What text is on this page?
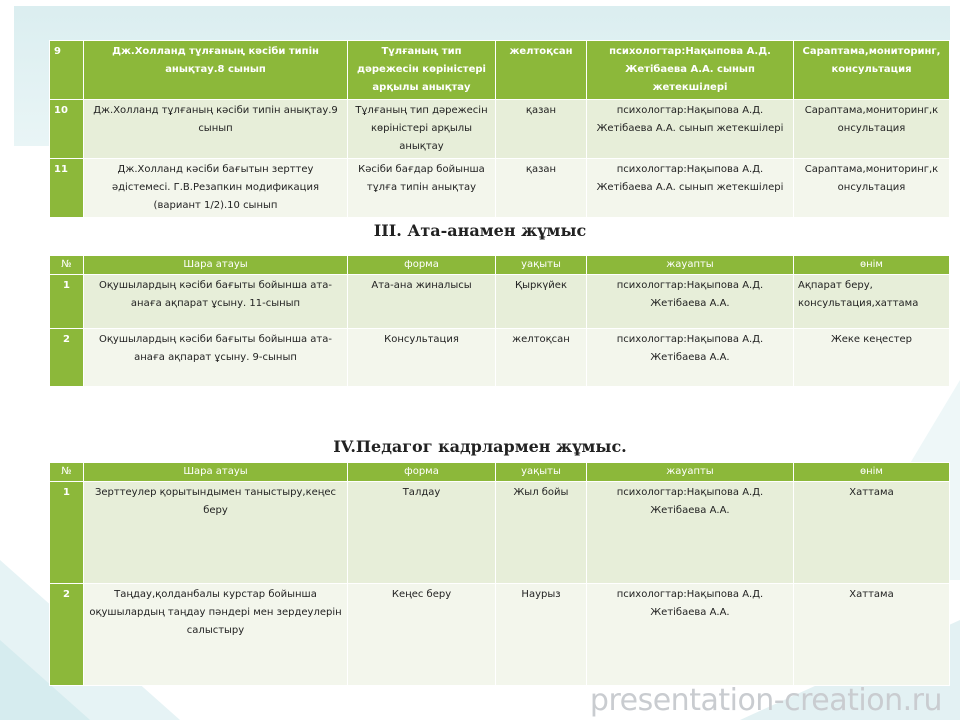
9	Дж.Холланд тұлғаның кәсіби типін анықтау.8 сынып	Тұлғаның тип дәрежесін көріністері арқылы анықтау	желтоқсан	психологтар:Нақыпова А.Д. Жетібаева А.А. сынып жетекшілері	Сараптама,мониторинг, консультация
10	Дж.Холланд тұлғаның кәсіби типін анықтау.9 сынып	Тұлғаның тип дәрежесін көріністері арқылы анықтау	қазан	психологтар:Нақыпова А.Д. Жетібаева А.А. сынып жетекшілері	Сараптама,мониторинг,к онсультация
11	Дж.Холланд кәсіби бағытын зерттеу әдістемесі. Г.В.Резапкин модификация (вариант 1/2).10 сынып	Кәсіби бағдар бойынша тұлға типін анықтау	қазан	психологтар:Нақыпова А.Д. Жетібаева А.А. сынып жетекшілері	Сараптама,мониторинг,к онсультация
III. Ата-анамен жұмыс
№	Шара атауы	форма	уақыты	жауапты	өнім
1	Оқушылардың кәсіби бағыты бойынша ата-анаға ақпарат ұсыну. 11-сынып	Ата-ана жиналысы	Қыркүйек	психологтар:Нақыпова А.Д. Жетібаева А.А.	Ақпарат беру, консультация,хаттама
2	Оқушылардың кәсіби бағыты бойынша ата-анаға ақпарат ұсыну. 9-сынып	Консультация	желтоқсан	психологтар:Нақыпова А.Д. Жетібаева А.А.	Жеке кеңестер
IV.Педагог кадрлармен жұмыс.
№	Шара атауы	форма	уақыты	жауапты	өнім
1	Зерттеулер қорытындымен таныстыру,кеңес беру	Талдау	Жыл бойы	психологтар:Нақыпова А.Д. Жетібаева А.А.	Хаттама
2	Таңдау,қолданбалы курстар бойынша оқушылардың таңдау пәндері мен зердеулерін салыстыру	Кеңес беру	Наурыз	психологтар:Нақыпова А.Д. Жетібаева А.А.	Хаттама
presentation-creation.ru
